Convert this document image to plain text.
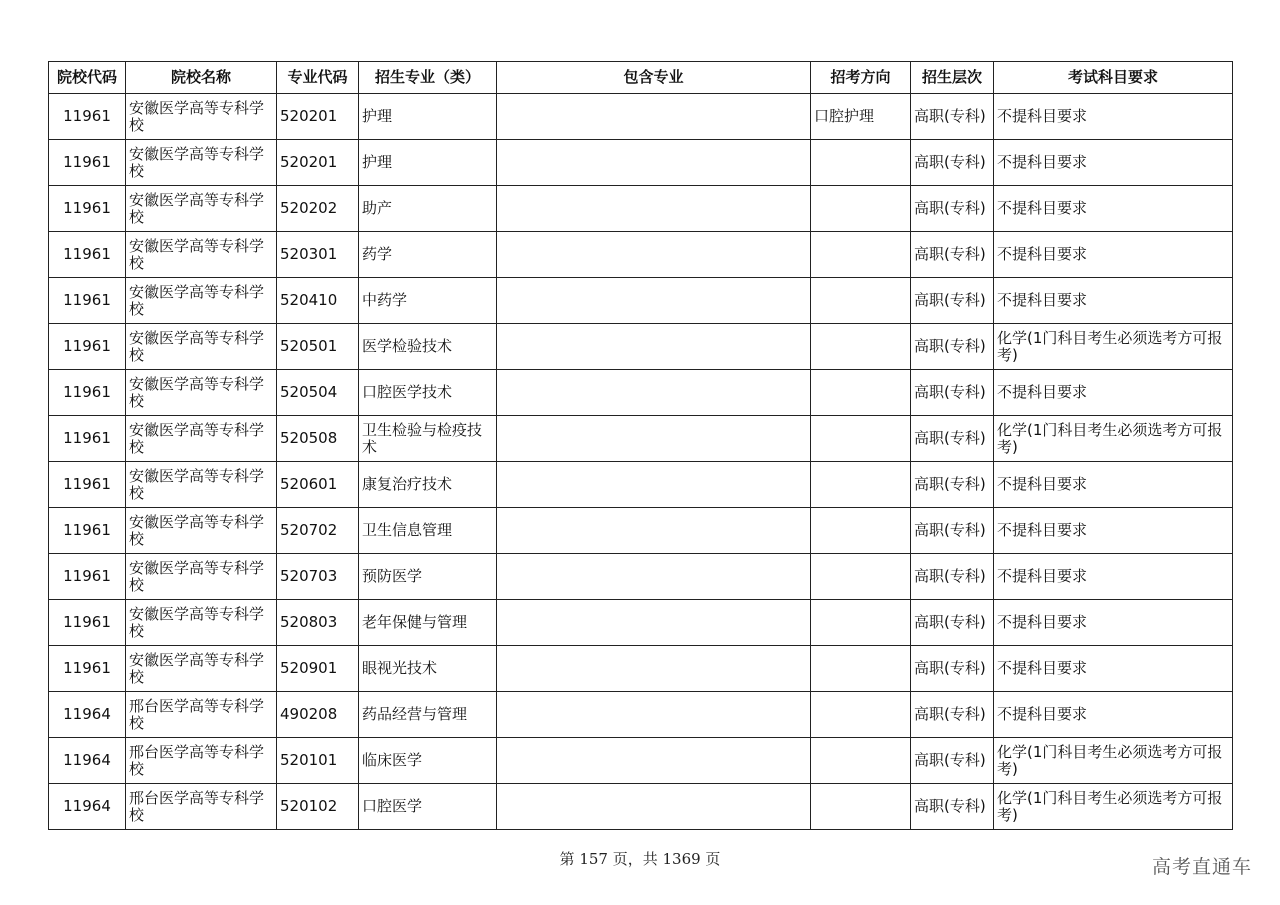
院校代码	院校名称	专业代码	招生专业（类）	包含专业	招考方向	招生层次	考试科目要求
11961	安徽医学高等专科学校	520201	护理		口腔护理	高职(专科)	不提科目要求
11961	安徽医学高等专科学校	520201	护理			高职(专科)	不提科目要求
11961	安徽医学高等专科学校	520202	助产			高职(专科)	不提科目要求
11961	安徽医学高等专科学校	520301	药学			高职(专科)	不提科目要求
11961	安徽医学高等专科学校	520410	中药学			高职(专科)	不提科目要求
11961	安徽医学高等专科学校	520501	医学检验技术			高职(专科)	化学(1门科目考生必须选考方可报考)
11961	安徽医学高等专科学校	520504	口腔医学技术			高职(专科)	不提科目要求
11961	安徽医学高等专科学校	520508	卫生检验与检疫技术			高职(专科)	化学(1门科目考生必须选考方可报考)
11961	安徽医学高等专科学校	520601	康复治疗技术			高职(专科)	不提科目要求
11961	安徽医学高等专科学校	520702	卫生信息管理			高职(专科)	不提科目要求
11961	安徽医学高等专科学校	520703	预防医学			高职(专科)	不提科目要求
11961	安徽医学高等专科学校	520803	老年保健与管理			高职(专科)	不提科目要求
11961	安徽医学高等专科学校	520901	眼视光技术			高职(专科)	不提科目要求
11964	邢台医学高等专科学校	490208	药品经营与管理			高职(专科)	不提科目要求
11964	邢台医学高等专科学校	520101	临床医学			高职(专科)	化学(1门科目考生必须选考方可报考)
11964	邢台医学高等专科学校	520102	口腔医学			高职(专科)	化学(1门科目考生必须选考方可报考)
第 157 页，共 1369 页	高考直通车
